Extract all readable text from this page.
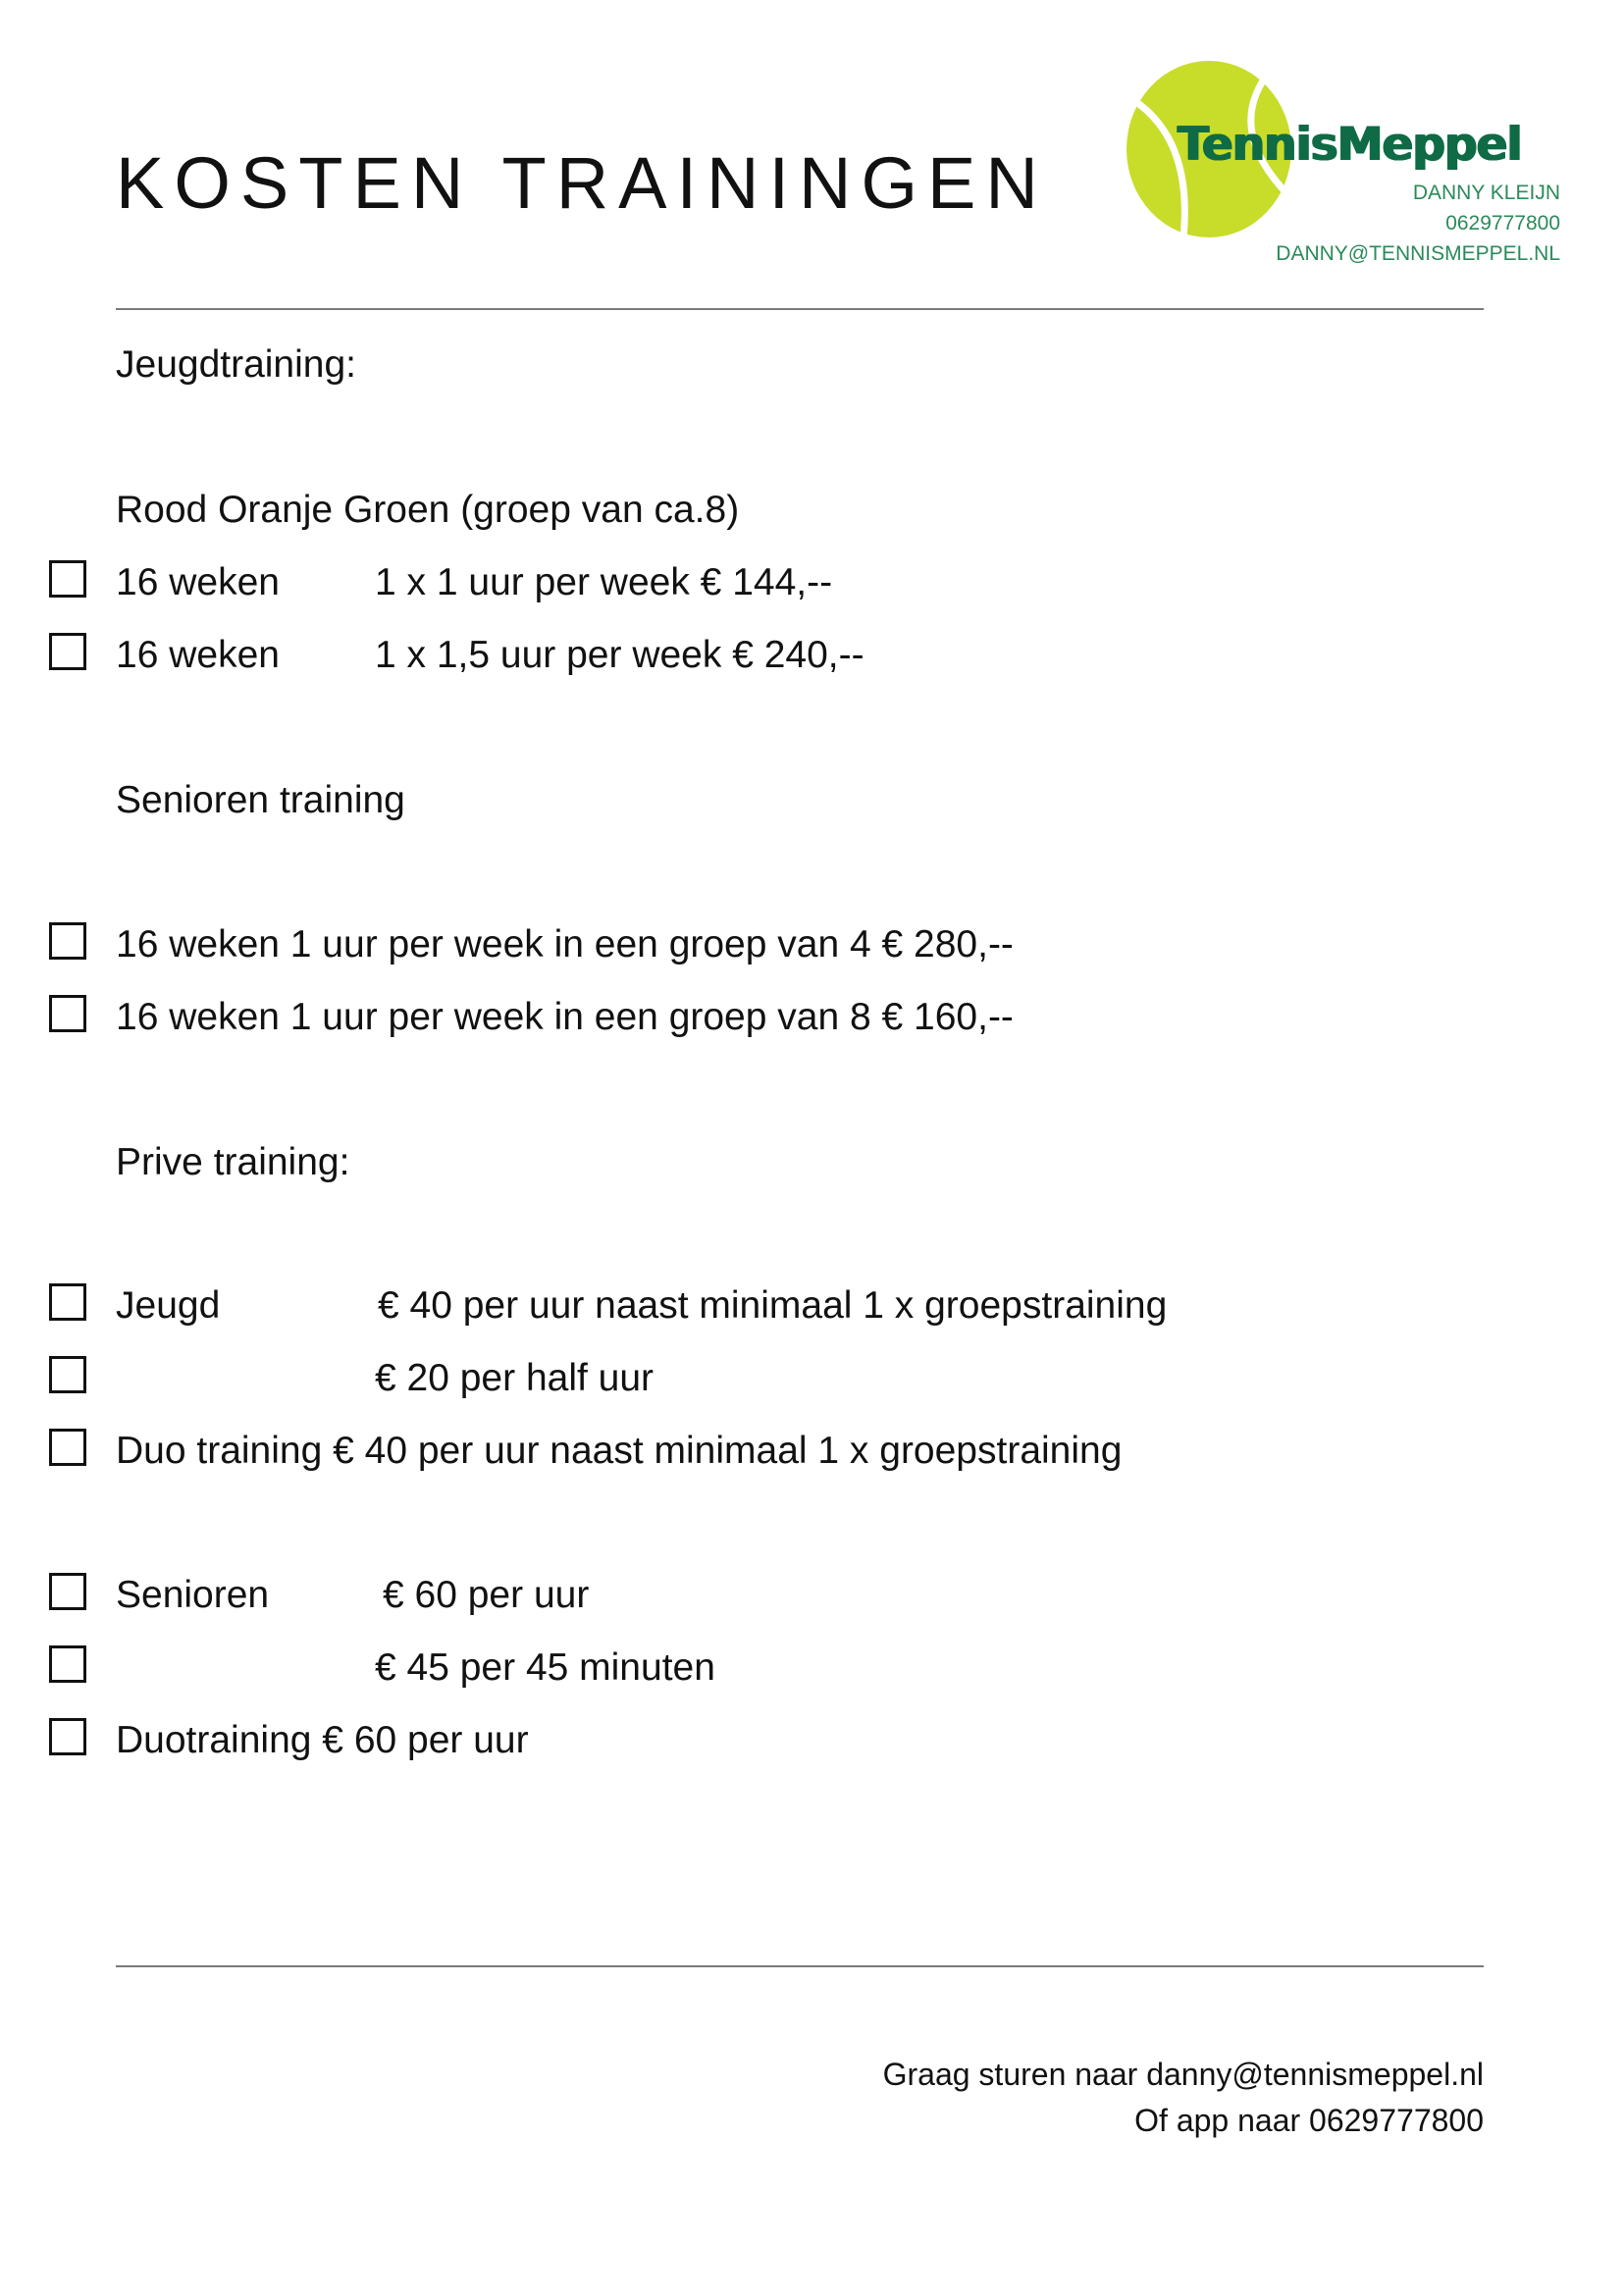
KOSTEN TRAININGEN	TennisMeppel
DANNY KLEIJN
0629777800
DANNY@TENNISMEPPEL.NL
Jeugdtraining:
Rood Oranje Groen (groep van ca.8)
16 weken 1 x 1 uur per week € 144,--
16 weken 1 x 1,5 uur per week € 240,--
Senioren training
16 weken 1 uur per week in een groep van 4 € 280,--
16 weken 1 uur per week in een groep van 8 € 160,--
Prive training:
Jeugd	€ 40 per uur naast minimaal 1 x groepstraining
€ 20 per half uur
Duo training € 40 per uur naast minimaal 1 x groepstraining
Senioren	€ 60 per uur
€ 45 per 45 minuten
Duotraining € 60 per uur
Graag sturen naar danny@tennismeppel.nl
Of app naar 0629777800
